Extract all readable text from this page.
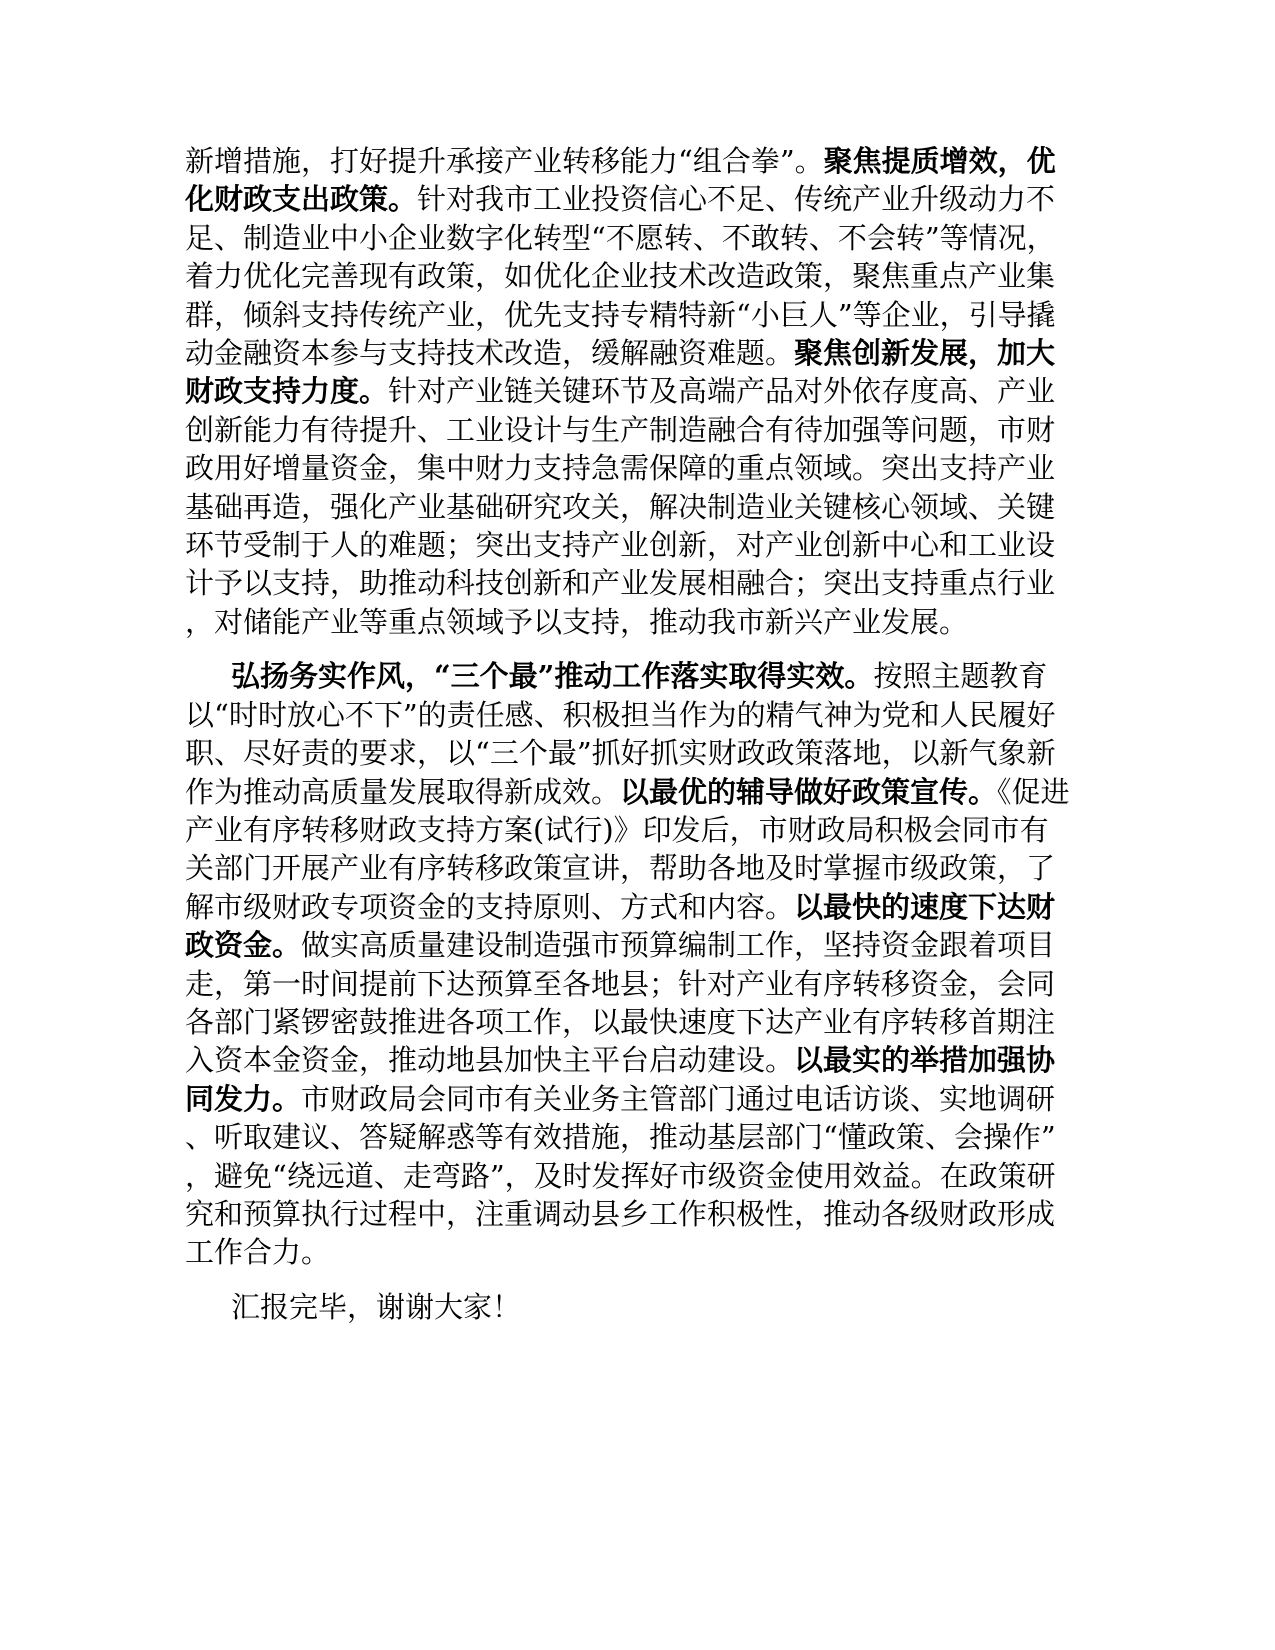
新增措施，打好提升承接产业转移能力“组合拳”。聚焦提质增效，优化财政支出政策。针对我市工业投资信心不足、传统产业升级动力不足、制造业中小企业数字化转型“不愿转、不敢转、不会转”等情况，着力优化完善现有政策，如优化企业技术改造政策，聚焦重点产业集群，倾斜支持传统产业，优先支持专精特新“小巨人”等企业，引导撬动金融资本参与支持技术改造，缓解融资难题。聚焦创新发展，加大财政支持力度。针对产业链关键环节及高端产品对外依存度高、产业创新能力有待提升、工业设计与生产制造融合有待加强等问题，市财政用好增量资金，集中财力支持急需保障的重点领域。突出支持产业基础再造，强化产业基础研究攻关，解决制造业关键核心领域、关键环节受制于人的难题；突出支持产业创新，对产业创新中心和工业设计予以支持，助推动科技创新和产业发展相融合；突出支持重点行业，对储能产业等重点领域予以支持，推动我市新兴产业发展。

弘扬务实作风，“三个最”推动工作落实取得实效。按照主题教育以“时时放心不下”的责任感、积极担当作为的精气神为党和人民履好职、尽好责的要求，以“三个最”抓好抓实财政政策落地，以新气象新作为推动高质量发展取得新成效。以最优的辅导做好政策宣传。《促进产业有序转移财政支持方案(试行)》印发后，市财政局积极会同市有关部门开展产业有序转移政策宣讲，帮助各地及时掌握市级政策，了解市级财政专项资金的支持原则、方式和内容。以最快的速度下达财政资金。做实高质量建设制造强市预算编制工作，坚持资金跟着项目走，第一时间提前下达预算至各地县；针对产业有序转移资金，会同各部门紧锣密鼓推进各项工作，以最快速度下达产业有序转移首期注入资本金资金，推动地县加快主平台启动建设。以最实的举措加强协同发力。市财政局会同市有关业务主管部门通过电话访谈、实地调研、听取建议、答疑解惑等有效措施，推动基层部门“懂政策、会操作”，避免“绕远道、走弯路”，及时发挥好市级资金使用效益。在政策研究和预算执行过程中，注重调动县乡工作积极性，推动各级财政形成工作合力。

汇报完毕，谢谢大家！
